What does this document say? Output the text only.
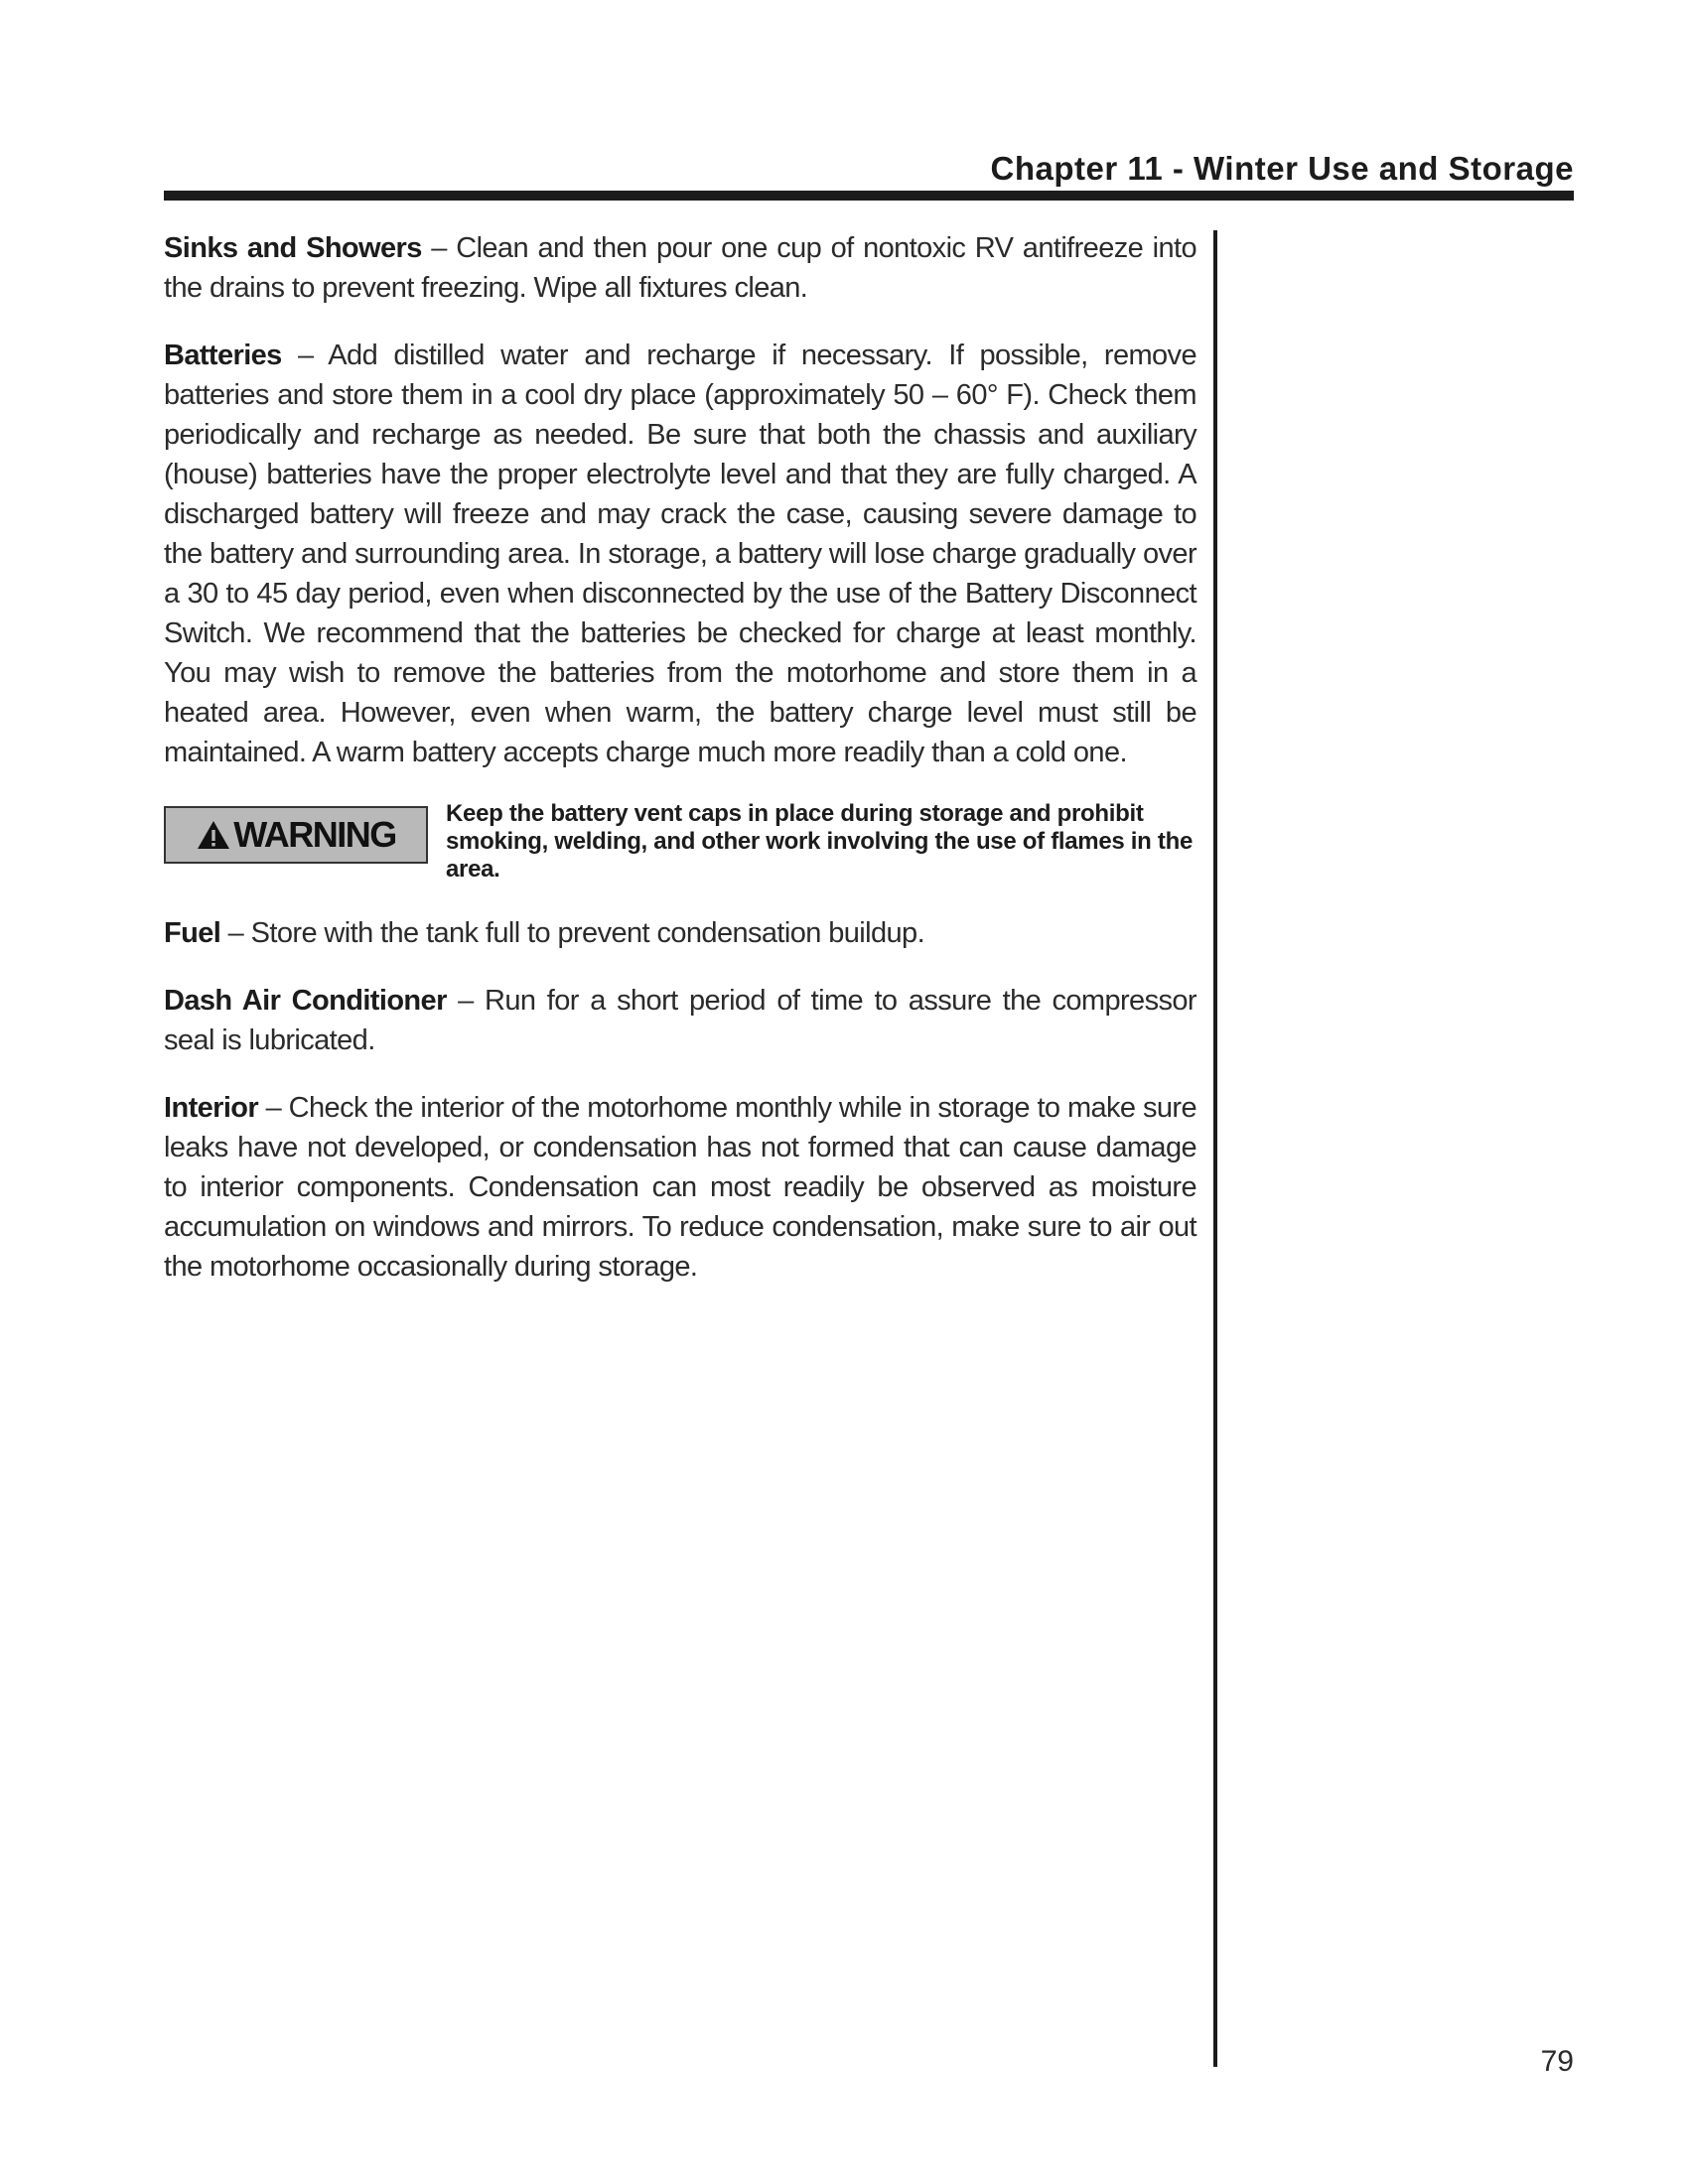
Chapter 11 - Winter Use and Storage

Sinks and Showers – Clean and then pour one cup of nontoxic RV antifreeze into the drains to prevent freezing. Wipe all fixtures clean.

Batteries – Add distilled water and recharge if necessary. If possible, remove batteries and store them in a cool dry place (approximately 50 – 60° F). Check them periodically and recharge as needed. Be sure that both the chassis and auxiliary (house) batteries have the proper electrolyte level and that they are fully charged. A discharged battery will freeze and may crack the case, causing severe damage to the battery and surrounding area. In storage, a battery will lose charge gradually over a 30 to 45 day period, even when disconnected by the use of the Battery Disconnect Switch. We recommend that the batteries be checked for charge at least monthly. You may wish to remove the batteries from the motorhome and store them in a heated area. However, even when warm, the battery charge level must still be maintained. A warm battery accepts charge much more readily than a cold one.

WARNING
Keep the battery vent caps in place during storage and prohibit smoking, welding, and other work involving the use of flames in the area.

Fuel – Store with the tank full to prevent condensation buildup.

Dash Air Conditioner – Run for a short period of time to assure the compressor seal is lubricated.

Interior – Check the interior of the motorhome monthly while in storage to make sure leaks have not developed, or condensation has not formed that can cause damage to interior components. Condensation can most readily be observed as moisture accumulation on windows and mirrors. To reduce condensation, make sure to air out the motorhome occasionally during storage.

79
